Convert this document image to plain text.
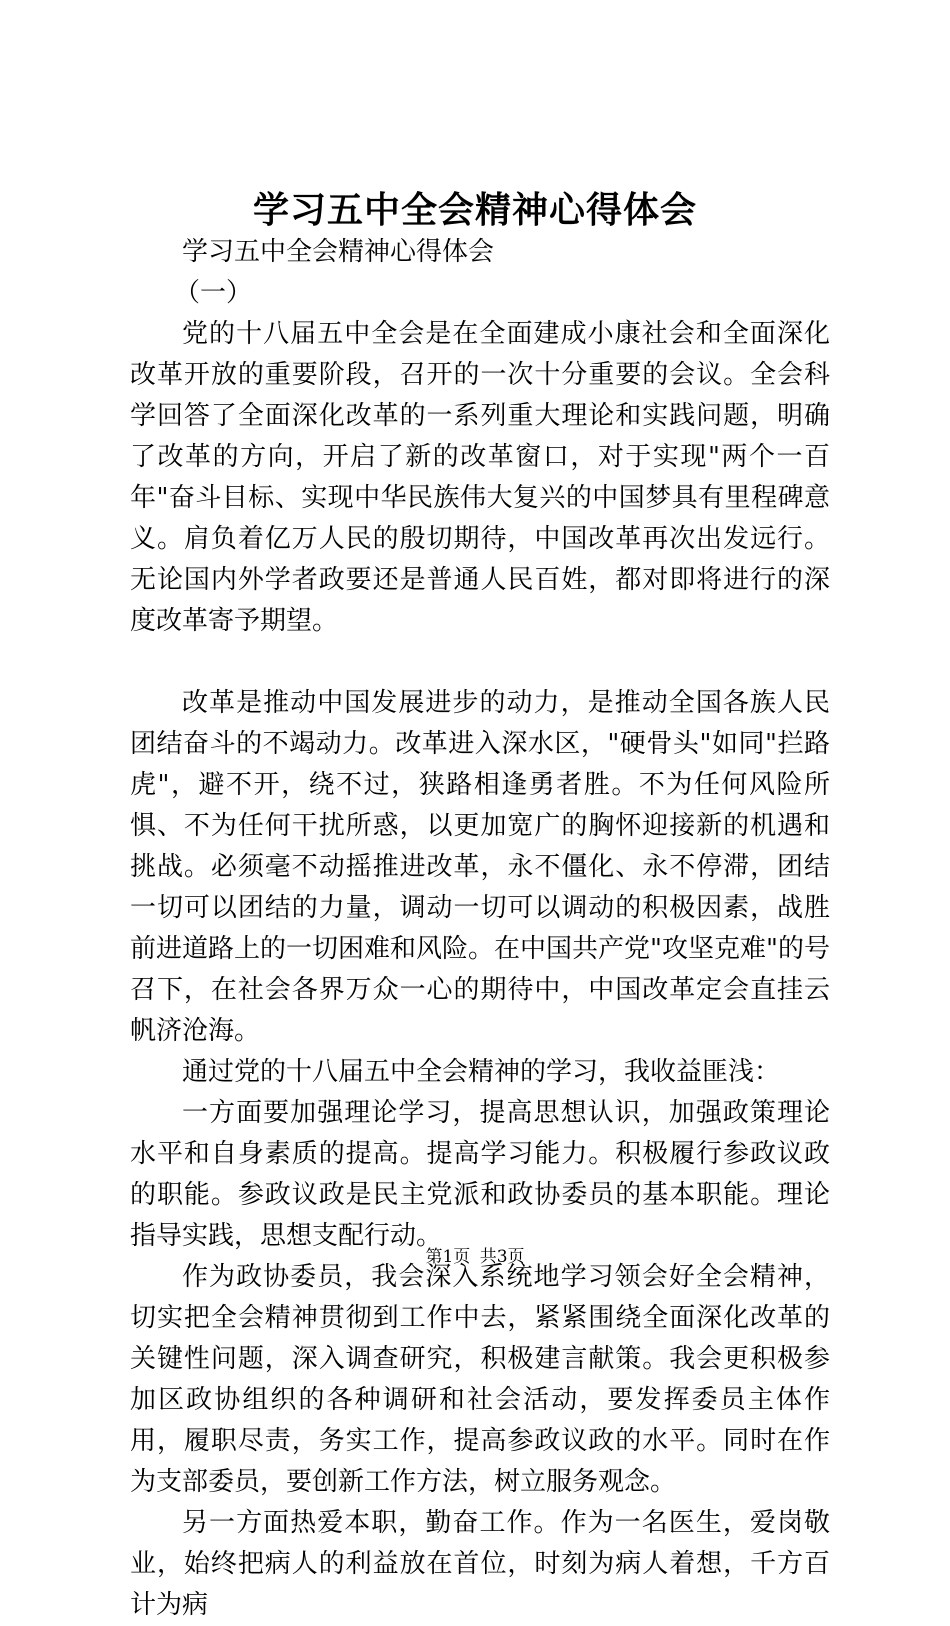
学习五中全会精神心得体会

学习五中全会精神心得体会

（一）

党的十八届五中全会是在全面建成小康社会和全面深化改革开放的重要阶段，召开的一次十分重要的会议。全会科学回答了全面深化改革的一系列重大理论和实践问题，明确了改革的方向，开启了新的改革窗口，对于实现"两个一百年"奋斗目标、实现中华民族伟大复兴的中国梦具有里程碑意义。肩负着亿万人民的殷切期待，中国改革再次出发远行。无论国内外学者政要还是普通人民百姓，都对即将进行的深度改革寄予期望。

改革是推动中国发展进步的动力，是推动全国各族人民团结奋斗的不竭动力。改革进入深水区，"硬骨头"如同"拦路虎"，避不开，绕不过，狭路相逢勇者胜。不为任何风险所惧、不为任何干扰所惑，以更加宽广的胸怀迎接新的机遇和挑战。必须毫不动摇推进改革，永不僵化、永不停滞，团结一切可以团结的力量，调动一切可以调动的积极因素，战胜前进道路上的一切困难和风险。在中国共产党"攻坚克难"的号召下，在社会各界万众一心的期待中，中国改革定会直挂云帆济沧海。

通过党的十八届五中全会精神的学习，我收益匪浅：

一方面要加强理论学习，提高思想认识，加强政策理论水平和自身素质的提高。提高学习能力。积极履行参政议政的职能。参政议政是民主党派和政协委员的基本职能。理论指导实践，思想支配行动。

作为政协委员，我会深入系统地学习领会好全会精神，切实把全会精神贯彻到工作中去，紧紧围绕全面深化改革的关键性问题，深入调查研究，积极建言献策。我会更积极参加区政协组织的各种调研和社会活动，要发挥委员主体作用，履职尽责，务实工作，提高参政议政的水平。同时在作为支部委员，要创新工作方法，树立服务观念。

另一方面热爱本职，勤奋工作。作为一名医生，爱岗敬业，始终把病人的利益放在首位，时刻为病人着想，千方百计为病

第1页 共3页
